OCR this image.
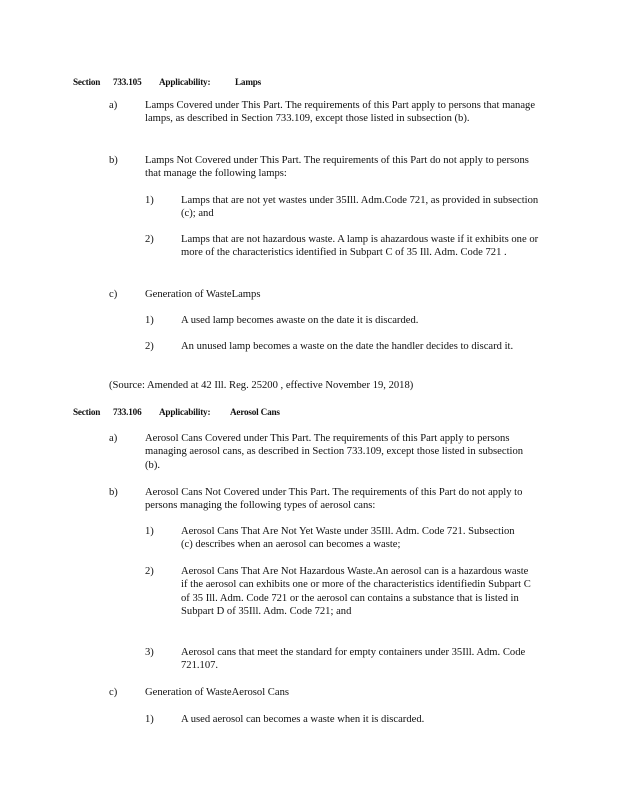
Section 733.105 Applicability:	Lamps
a)	Lamps Covered under This Part. The requirements of this Part apply to persons that manage lamps, as described in Section 733.109, except those listed in subsection (b).
b)	Lamps Not Covered under This Part. The requirements of this Part do not apply to persons that manage the following lamps:
1)	Lamps that are not yet wastes under 35Ill. Adm.Code 721, as provided in subsection (c); and
2)	Lamps that are not hazardous waste. A lamp is ahazardous waste if it exhibits one or more of the characteristics identified in Subpart C of 35 Ill. Adm. Code 721 .
c)	Generation of WasteLamps
1)	A used lamp becomes awaste on the date it is discarded.
2)	An unused lamp becomes a waste on the date the handler decides to discard it.
(Source: Amended at 42 Ill. Reg. 25200 , effective November 19, 2018)
Section 733.106 Applicability: Aerosol Cans
a)	Aerosol Cans Covered under This Part. The requirements of this Part apply to persons managing aerosol cans, as described in Section 733.109, except those listed in subsection (b).
b)	Aerosol Cans Not Covered under This Part. The requirements of this Part do not apply to persons managing the following types of aerosol cans:
1)	Aerosol Cans That Are Not Yet Waste under 35Ill. Adm. Code 721. Subsection (c) describes when an aerosol can becomes a waste;
2)	Aerosol Cans That Are Not Hazardous Waste.An aerosol can is a hazardous waste if the aerosol can exhibits one or more of the characteristics identifiedin Subpart C of 35 Ill. Adm. Code 721 or the aerosol can contains a substance that is listed in Subpart D of 35Ill. Adm. Code 721; and
3)	Aerosol cans that meet the standard for empty containers under 35Ill. Adm. Code 721.107.
c)	Generation of WasteAerosol Cans
1)	A used aerosol can becomes a waste when it is discarded.
